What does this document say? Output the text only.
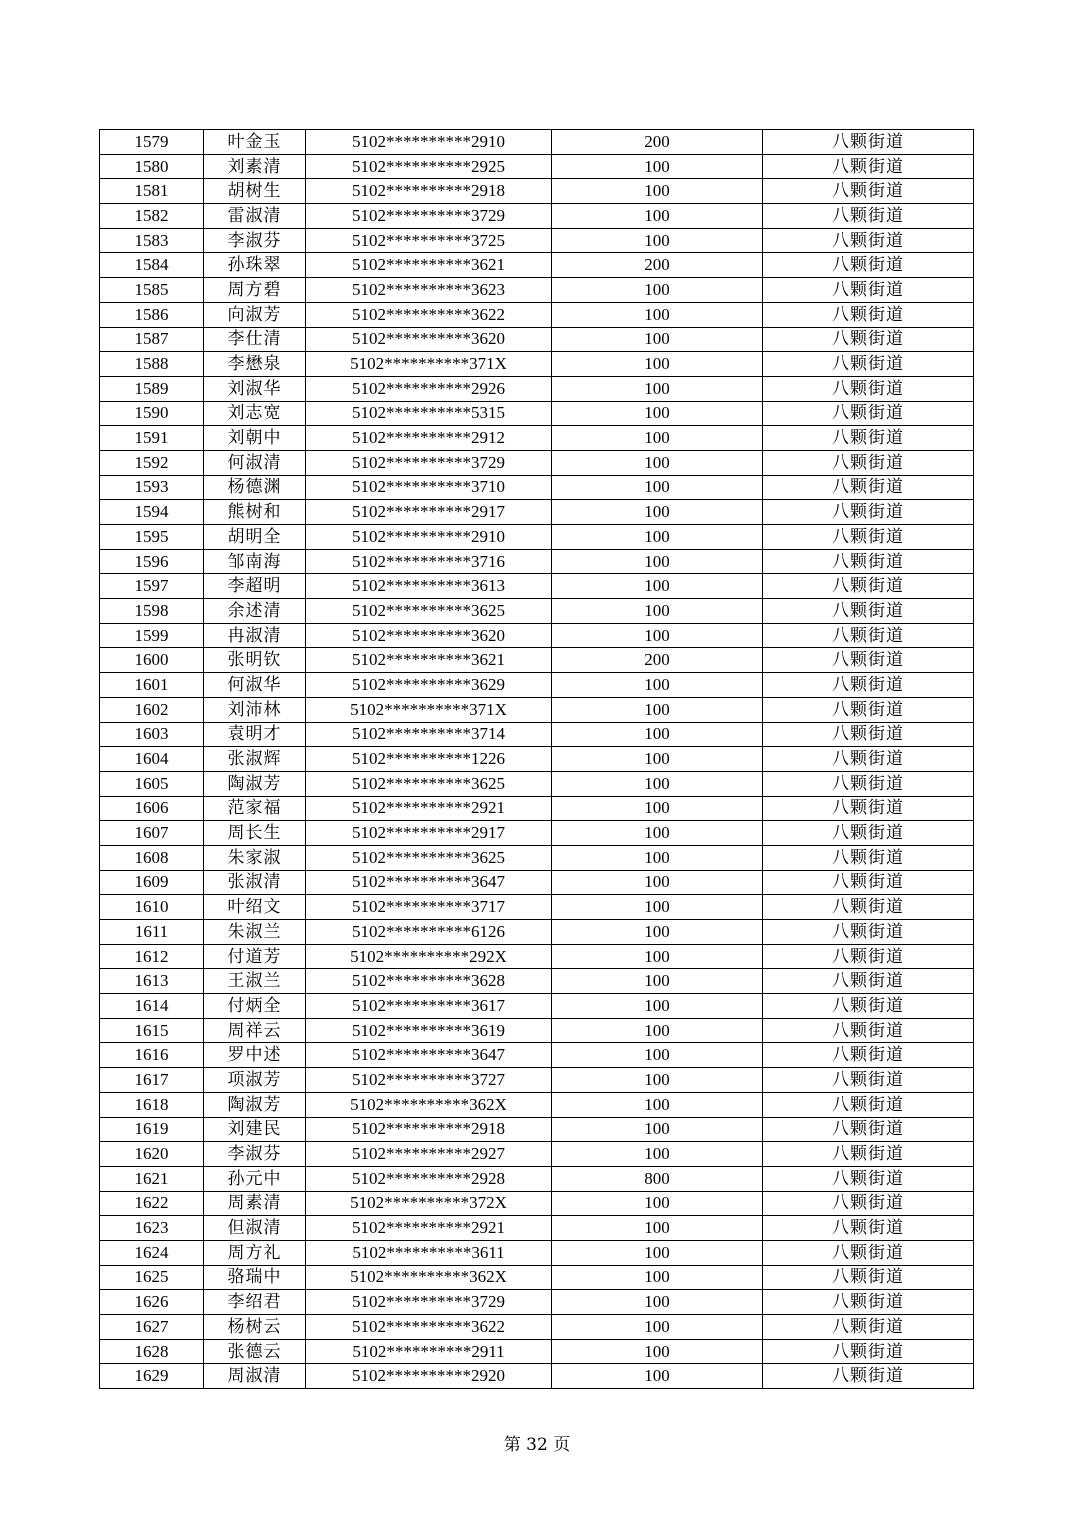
1579	叶金玉	5102**********2910	200	八颗街道
1580	刘素清	5102**********2925	100	八颗街道
1581	胡树生	5102**********2918	100	八颗街道
1582	雷淑清	5102**********3729	100	八颗街道
1583	李淑芬	5102**********3725	100	八颗街道
1584	孙珠翠	5102**********3621	200	八颗街道
1585	周方碧	5102**********3623	100	八颗街道
1586	向淑芳	5102**********3622	100	八颗街道
1587	李仕清	5102**********3620	100	八颗街道
1588	李懋泉	5102**********371X	100	八颗街道
1589	刘淑华	5102**********2926	100	八颗街道
1590	刘志宽	5102**********5315	100	八颗街道
1591	刘朝中	5102**********2912	100	八颗街道
1592	何淑清	5102**********3729	100	八颗街道
1593	杨德渊	5102**********3710	100	八颗街道
1594	熊树和	5102**********2917	100	八颗街道
1595	胡明全	5102**********2910	100	八颗街道
1596	邹南海	5102**********3716	100	八颗街道
1597	李超明	5102**********3613	100	八颗街道
1598	余述清	5102**********3625	100	八颗街道
1599	冉淑清	5102**********3620	100	八颗街道
1600	张明钦	5102**********3621	200	八颗街道
1601	何淑华	5102**********3629	100	八颗街道
1602	刘沛林	5102**********371X	100	八颗街道
1603	袁明才	5102**********3714	100	八颗街道
1604	张淑辉	5102**********1226	100	八颗街道
1605	陶淑芳	5102**********3625	100	八颗街道
1606	范家福	5102**********2921	100	八颗街道
1607	周长生	5102**********2917	100	八颗街道
1608	朱家淑	5102**********3625	100	八颗街道
1609	张淑清	5102**********3647	100	八颗街道
1610	叶绍文	5102**********3717	100	八颗街道
1611	朱淑兰	5102**********6126	100	八颗街道
1612	付道芳	5102**********292X	100	八颗街道
1613	王淑兰	5102**********3628	100	八颗街道
1614	付炳全	5102**********3617	100	八颗街道
1615	周祥云	5102**********3619	100	八颗街道
1616	罗中述	5102**********3647	100	八颗街道
1617	项淑芳	5102**********3727	100	八颗街道
1618	陶淑芳	5102**********362X	100	八颗街道
1619	刘建民	5102**********2918	100	八颗街道
1620	李淑芬	5102**********2927	100	八颗街道
1621	孙元中	5102**********2928	800	八颗街道
1622	周素清	5102**********372X	100	八颗街道
1623	但淑清	5102**********2921	100	八颗街道
1624	周方礼	5102**********3611	100	八颗街道
1625	骆瑞中	5102**********362X	100	八颗街道
1626	李绍君	5102**********3729	100	八颗街道
1627	杨树云	5102**********3622	100	八颗街道
1628	张德云	5102**********2911	100	八颗街道
1629	周淑清	5102**********2920	100	八颗街道
第 32 页
